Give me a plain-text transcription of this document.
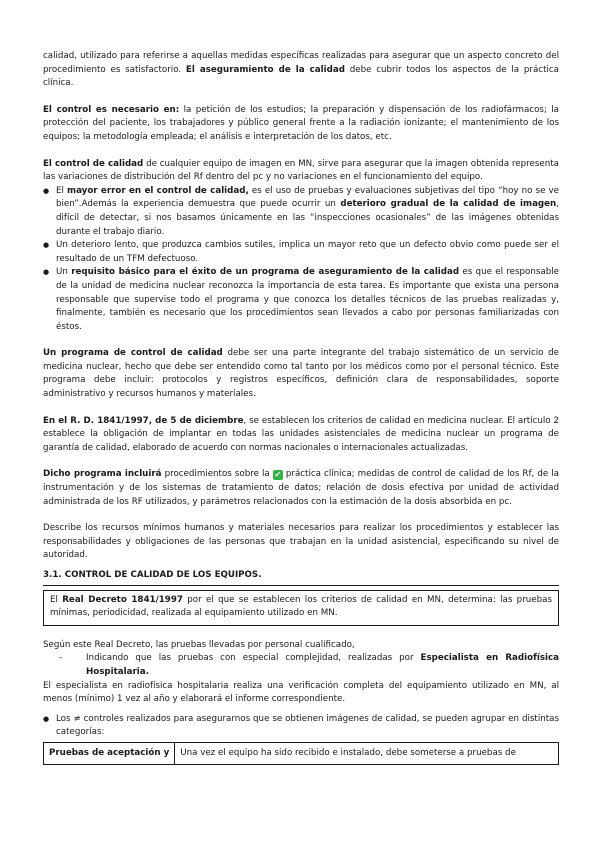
calidad, utilizado para referirse a aquellas medidas específicas realizadas para asegurar que un aspecto concreto del procedimiento es satisfactorio. El aseguramiento de la calidad debe cubrir todos los aspectos de la práctica clínica.

El control es necesario en: la petición de los estudios; la preparación y dispensación de los radiofármacos; la protección del paciente, los trabajadores y público general frente a la radiación ionizante; el mantenimiento de los equipos; la metodología empleada; el análisis e interpretación de los datos, etc.

El control de calidad de cualquier equipo de imagen en MN, sirve para asegurar que la imagen obtenida representa las variaciones de distribución del Rf dentro del pc y no variaciones en el funcionamiento del equipo.

● El mayor error en el control de calidad, es el uso de pruebas y evaluaciones subjetivas del tipo “hoy no se ve bien”.Además la experiencia demuestra que puede ocurrir un deterioro gradual de la calidad de imagen, difícil de detectar, si nos basamos únicamente en las “inspecciones ocasionales” de las imágenes obtenidas durante el trabajo diario.
● Un deterioro lento, que produzca cambios sutiles, implica un mayor reto que un defecto obvio como puede ser el resultado de un TFM defectuoso.
● Un requisito básico para el éxito de un programa de aseguramiento de la calidad es que el responsable de la unidad de medicina nuclear reconozca la importancia de esta tarea. Es importante que exista una persona responsable que supervise todo el programa y que conozca los detalles técnicos de las pruebas realizadas y, finalmente, también es necesario que los procedimientos sean llevados a cabo por personas familiarizadas con éstos.

Un programa de control de calidad debe ser una parte integrante del trabajo sistemático de un servicio de medicina nuclear, hecho que debe ser entendido como tal tanto por los médicos como por el personal técnico. Este programa debe incluir: protocolos y registros específicos, definición clara de responsabilidades, soporte administrativo y recursos humanos y materiales.

En el R. D. 1841/1997, de 5 de diciembre, se establecen los criterios de calidad en medicina nuclear. El artículo 2 establece la obligación de implantar en todas las unidades asistenciales de medicina nuclear un programa de garantía de calidad, elaborado de acuerdo con normas nacionales o internacionales actualizadas.

Dicho programa incluirá procedimientos sobre la ✔ práctica clínica; medidas de control de calidad de los Rf, de la instrumentación y de los sistemas de tratamiento de datos; relación de dosis efectiva por unidad de actividad administrada de los RF utilizados, y parámetros relacionados con la estimación de la dosis absorbida en pc.

Describe los recursos mínimos humanos y materiales necesarios para realizar los procedimientos y establecer las responsabilidades y obligaciones de las personas que trabajan en la unidad asistencial, especificando su nivel de autoridad.

3.1. CONTROL DE CALIDAD DE LOS EQUIPOS.

El Real Decreto 1841/1997 por el que se establecen los criterios de calidad en MN, determina: las pruebas mínimas, periodicidad, realizada al equipamiento utilizado en MN.

Según este Real Decreto, las pruebas llevadas por personal cualificado,

- Indicando que las pruebas con especial complejidad, realizadas por Especialista en Radiofísica Hospitalaria.

El especialista en radiofísica hospitalaria realiza una verificación completa del equipamiento utilizado en MN, al menos (mínimo) 1 vez al año y elaborará el informe correspondiente.

● Los ≠ controles realizados para asegurarnos que se obtienen imágenes de calidad, se pueden agrupar en distintas categorías:
Pruebas de aceptación y	Una vez el equipo ha sido recibido e instalado, debe someterse a pruebas de
